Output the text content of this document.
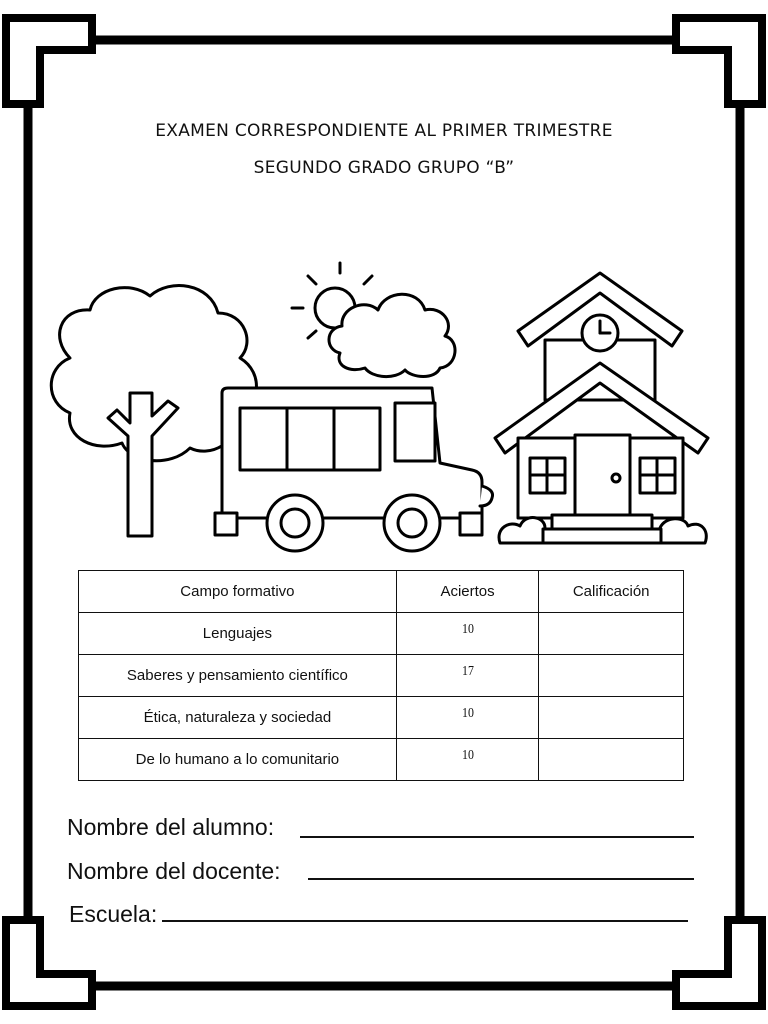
EXAMEN CORRESPONDIENTE AL PRIMER TRIMESTRE
SEGUNDO GRADO GRUPO “B”
Campo formativo	Aciertos	Calificación
Lenguajes	10	
Saberes y pensamiento científico	17	
Ética, naturaleza y sociedad	10	
De lo humano a lo comunitario	10	
Nombre del alumno:
Nombre del docente:
Escuela:
